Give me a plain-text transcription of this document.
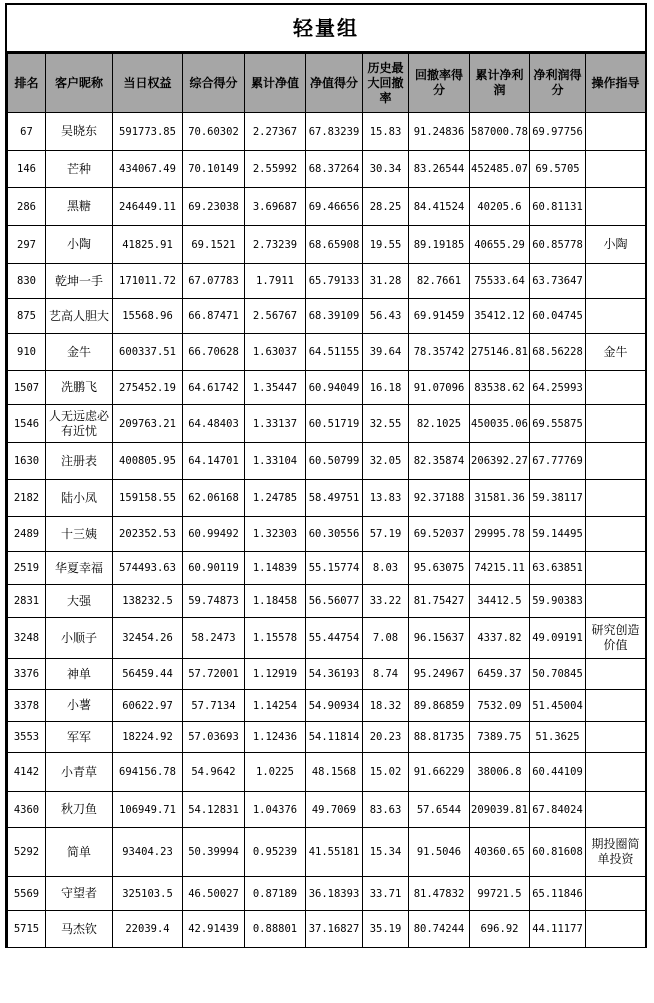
轻量组
排名	客户昵称	当日权益	综合得分	累计净值	净值得分	历史最大回撤率	回撤率得分	累计净利润	净利润得分	操作指导
67	吴晓东	591773.85	70.60302	2.27367	67.83239	15.83	91.24836	587000.78	69.97756	
146	芒种	434067.49	70.10149	2.55992	68.37264	30.34	83.26544	452485.07	69.5705	
286	黑糖	246449.11	69.23038	3.69687	69.46656	28.25	84.41524	40205.6	60.81131	
297	小陶	41825.91	69.1521	2.73239	68.65908	19.55	89.19185	40655.29	60.85778	小陶
830	乾坤一手	171011.72	67.07783	1.7911	65.79133	31.28	82.7661	75533.64	63.73647	
875	艺高人胆大	15568.96	66.87471	2.56767	68.39109	56.43	69.91459	35412.12	60.04745	
910	金牛	600337.51	66.70628	1.63037	64.51155	39.64	78.35742	275146.81	68.56228	金牛
1507	冼鹏飞	275452.19	64.61742	1.35447	60.94049	16.18	91.07096	83538.62	64.25993	
1546	人无远虑必有近忧	209763.21	64.48403	1.33137	60.51719	32.55	82.1025	450035.06	69.55875	
1630	注册表	400805.95	64.14701	1.33104	60.50799	32.05	82.35874	206392.27	67.77769	
2182	陆小凤	159158.55	62.06168	1.24785	58.49751	13.83	92.37188	31581.36	59.38117	
2489	十三姨	202352.53	60.99492	1.32303	60.30556	57.19	69.52037	29995.78	59.14495	
2519	华夏幸福	574493.63	60.90119	1.14839	55.15774	8.03	95.63075	74215.11	63.63851	
2831	大强	138232.5	59.74873	1.18458	56.56077	33.22	81.75427	34412.5	59.90383	
3248	小顺子	32454.26	58.2473	1.15578	55.44754	7.08	96.15637	4337.82	49.09191	研究创造价值
3376	神单	56459.44	57.72001	1.12919	54.36193	8.74	95.24967	6459.37	50.70845	
3378	小薯	60622.97	57.7134	1.14254	54.90934	18.32	89.86859	7532.09	51.45004	
3553	军军	18224.92	57.03693	1.12436	54.11814	20.23	88.81735	7389.75	51.3625	
4142	小青草	694156.78	54.9642	1.0225	48.1568	15.02	91.66229	38006.8	60.44109	
4360	秋刀鱼	106949.71	54.12831	1.04376	49.7069	83.63	57.6544	209039.81	67.84024	
5292	简单	93404.23	50.39994	0.95239	41.55181	15.34	91.5046	40360.65	60.81608	期投圈简单投资
5569	守望者	325103.5	46.50027	0.87189	36.18393	33.71	81.47832	99721.5	65.11846	
5715	马杰钦	22039.4	42.91439	0.88801	37.16827	35.19	80.74244	696.92	44.11177	
